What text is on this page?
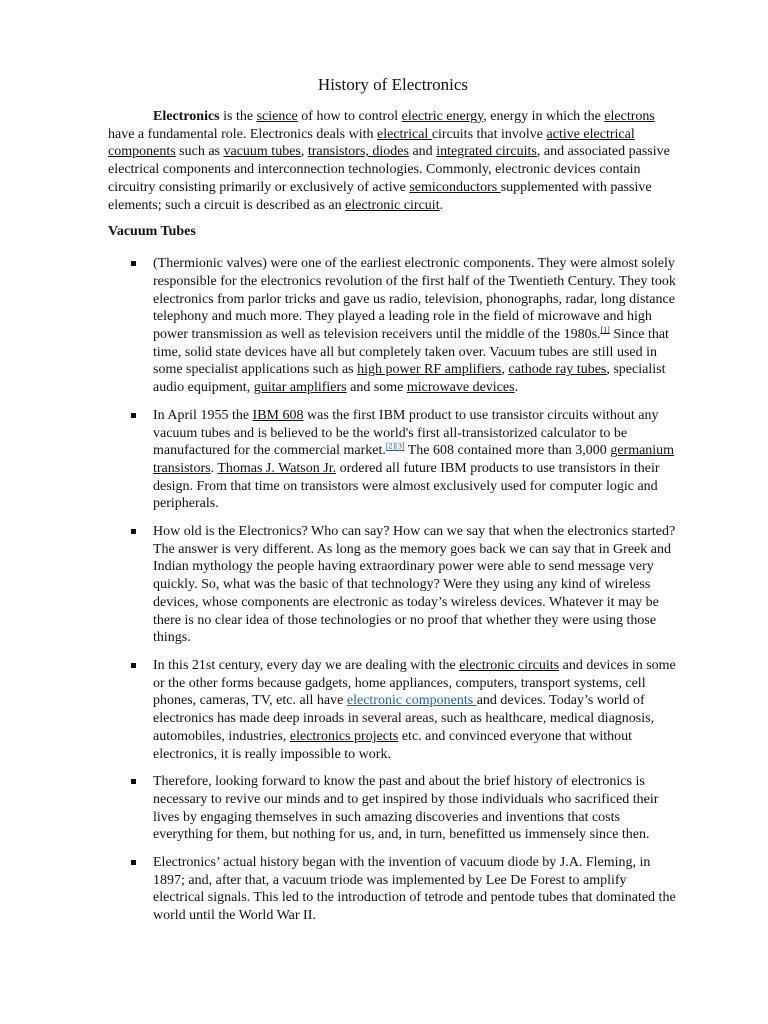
History of Electronics

Electronics is the science of how to control electric energy, energy in which the electrons have a fundamental role. Electronics deals with electrical circuits that involve active electrical components such as vacuum tubes, transistors, diodes and integrated circuits, and associated passive electrical components and interconnection technologies. Commonly, electronic devices contain circuitry consisting primarily or exclusively of active semiconductors supplemented with passive elements; such a circuit is described as an electronic circuit.

Vacuum Tubes
(Thermionic valves) were one of the earliest electronic components. They were almost solely responsible for the electronics revolution of the first half of the Twentieth Century. They took electronics from parlor tricks and gave us radio, television, phonographs, radar, long distance telephony and much more. They played a leading role in the field of microwave and high power transmission as well as television receivers until the middle of the 1980s.[1] Since that time, solid state devices have all but completely taken over. Vacuum tubes are still used in some specialist applications such as high power RF amplifiers, cathode ray tubes, specialist audio equipment, guitar amplifiers and some microwave devices.
In April 1955 the IBM 608 was the first IBM product to use transistor circuits without any vacuum tubes and is believed to be the world's first all-transistorized calculator to be manufactured for the commercial market.[2][3] The 608 contained more than 3,000 germanium transistors. Thomas J. Watson Jr. ordered all future IBM products to use transistors in their design. From that time on transistors were almost exclusively used for computer logic and peripherals.
How old is the Electronics? Who can say? How can we say that when the electronics started? The answer is very different. As long as the memory goes back we can say that in Greek and Indian mythology the people having extraordinary power were able to send message very quickly. So, what was the basic of that technology? Were they using any kind of wireless devices, whose components are electronic as today’s wireless devices. Whatever it may be there is no clear idea of those technologies or no proof that whether they were using those things.
In this 21st century, every day we are dealing with the electronic circuits and devices in some or the other forms because gadgets, home appliances, computers, transport systems, cell phones, cameras, TV, etc. all have electronic components and devices. Today’s world of electronics has made deep inroads in several areas, such as healthcare, medical diagnosis, automobiles, industries, electronics projects etc. and convinced everyone that without electronics, it is really impossible to work.
Therefore, looking forward to know the past and about the brief history of electronics is necessary to revive our minds and to get inspired by those individuals who sacrificed their lives by engaging themselves in such amazing discoveries and inventions that costs everything for them, but nothing for us, and, in turn, benefitted us immensely since then.
Electronics’ actual history began with the invention of vacuum diode by J.A. Fleming, in 1897; and, after that, a vacuum triode was implemented by Lee De Forest to amplify electrical signals. This led to the introduction of tetrode and pentode tubes that dominated the world until the World War II.
